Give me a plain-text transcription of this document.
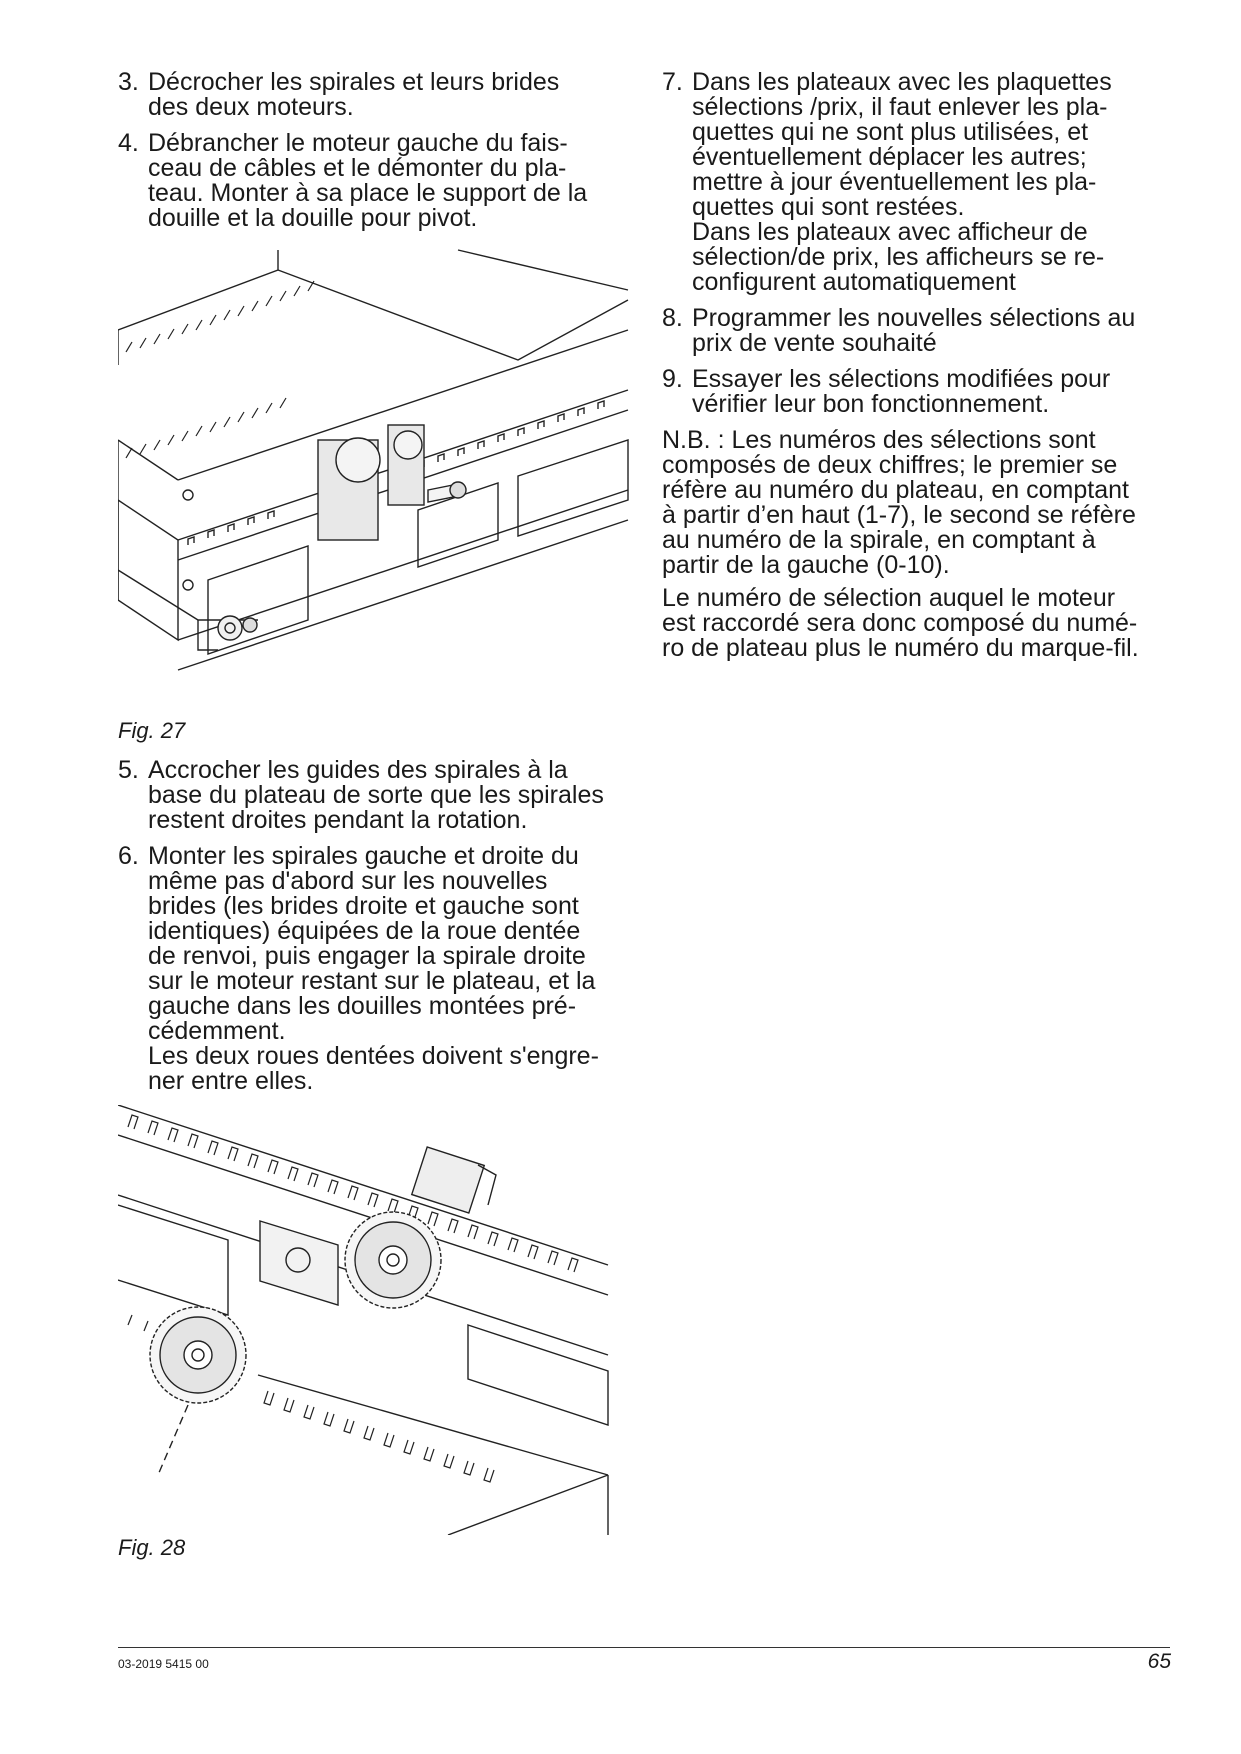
3. Décrocher les spirales et leurs brides
des deux moteurs.
4. Débrancher le moteur gauche du fais-
ceau de câbles et le démonter du pla-
teau. Monter à sa place le support de la
douille et la douille pour pivot.
Fig. 27
5. Accrocher les guides des spirales à la
base du plateau de sorte que les spirales
restent droites pendant la rotation.
6. Monter les spirales gauche et droite du
même pas d'abord sur les nouvelles
brides (les brides droite et gauche sont
identiques) équipées de la roue dentée
de renvoi, puis engager la spirale droite
sur le moteur restant sur le plateau, et la
gauche dans les douilles montées pré-
cédemment.
Les deux roues dentées doivent s'engre-
ner entre elles.
Fig. 28
7. Dans les plateaux avec les plaquettes
sélections /prix, il faut enlever les pla-
quettes qui ne sont plus utilisées, et
éventuellement déplacer les autres;
mettre à jour éventuellement les pla-
quettes qui sont restées.
Dans les plateaux avec afficheur de
sélection/de prix, les afficheurs se re-
configurent automatiquement
8. Programmer les nouvelles sélections au
prix de vente souhaité
9. Essayer les sélections modifiées pour
vérifier leur bon fonctionnement.
N.B. : Les numéros des sélections sont
composés de deux chiffres; le premier se
réfère au numéro du plateau, en comptant
à partir d’en haut (1-7), le second se réfère
au numéro de la spirale, en comptant à
partir de la gauche (0-10).
Le numéro de sélection auquel le moteur
est raccordé sera donc composé du numé-
ro de plateau plus le numéro du marque-fil.
03-2019 5415 00	65
